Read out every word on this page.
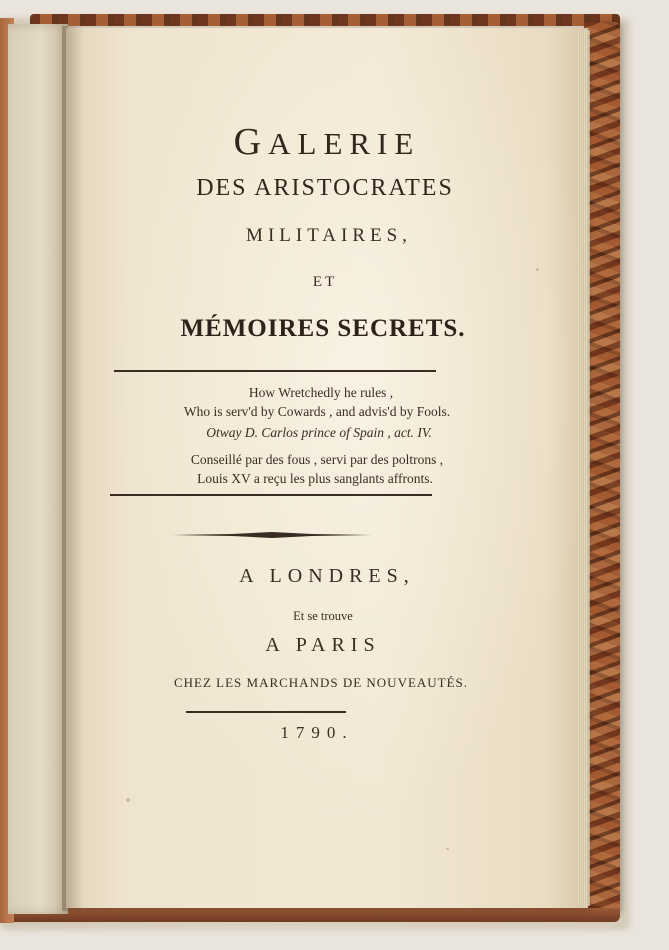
GALERIE
DES ARISTOCRATES
MILITAIRES,
ET
MÉMOIRES SECRETS.
How Wretchedly he rules ,
Who is serv'd by Cowards , and advis'd by Fools.
Otway D. Carlos prince of Spain , act. IV.
Conseillé par des fous , servi par des poltrons ,
Louis XV a reçu les plus sanglants affronts.
A LONDRES,
Et se trouve
A PARIS
CHEZ LES MARCHANDS DE NOUVEAUTÉS.
1790.
